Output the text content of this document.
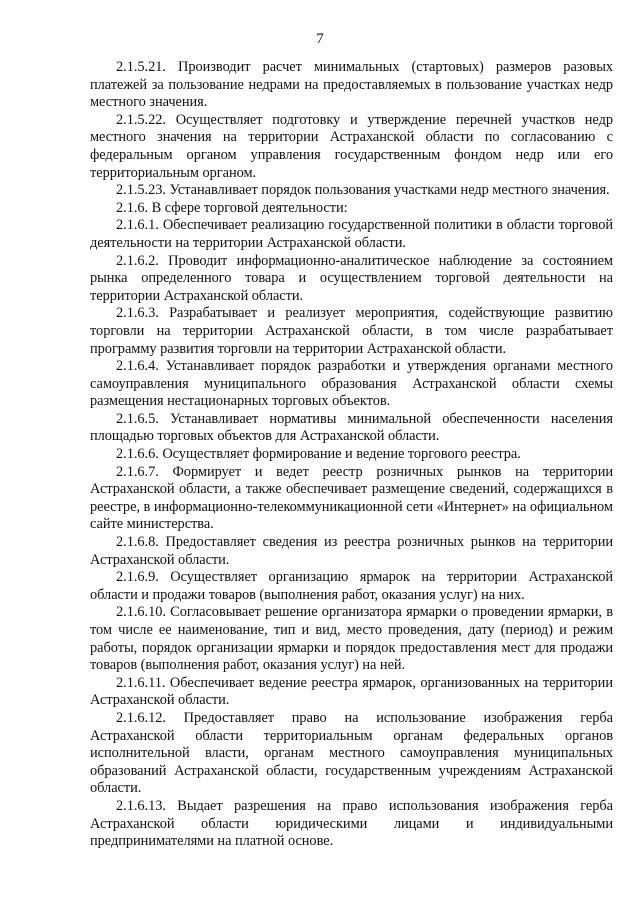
7

2.1.5.21. Производит расчет минимальных (стартовых) размеров разовых платежей за пользование недрами на предоставляемых в пользование участках недр местного значения.

2.1.5.22. Осуществляет подготовку и утверждение перечней участков недр местного значения на территории Астраханской области по согласованию с федеральным органом управления государственным фондом недр или его территориальным органом.

2.1.5.23. Устанавливает порядок пользования участками недр местного значения.

2.1.6. В сфере торговой деятельности:

2.1.6.1. Обеспечивает реализацию государственной политики в области торговой деятельности на территории Астраханской области.

2.1.6.2. Проводит информационно-аналитическое наблюдение за состоянием рынка определенного товара и осуществлением торговой деятельности на территории Астраханской области.

2.1.6.3. Разрабатывает и реализует мероприятия, содействующие развитию торговли на территории Астраханской области, в том числе разрабатывает программу развития торговли на территории Астраханской области.

2.1.6.4. Устанавливает порядок разработки и утверждения органами местного самоуправления муниципального образования Астраханской области схемы размещения нестационарных торговых объектов.

2.1.6.5. Устанавливает нормативы минимальной обеспеченности населения площадью торговых объектов для Астраханской области.

2.1.6.6. Осуществляет формирование и ведение торгового реестра.

2.1.6.7. Формирует и ведет реестр розничных рынков на территории Астраханской области, а также обеспечивает размещение сведений, содержащихся в реестре, в информационно-телекоммуникационной сети «Интернет» на официальном сайте министерства.

2.1.6.8. Предоставляет сведения из реестра розничных рынков на территории Астраханской области.

2.1.6.9. Осуществляет организацию ярмарок на территории Астраханской области и продажи товаров (выполнения работ, оказания услуг) на них.

2.1.6.10. Согласовывает решение организатора ярмарки о проведении ярмарки, в том числе ее наименование, тип и вид, место проведения, дату (период) и режим работы, порядок организации ярмарки и порядок предоставления мест для продажи товаров (выполнения работ, оказания услуг) на ней.

2.1.6.11. Обеспечивает ведение реестра ярмарок, организованных на территории Астраханской области.

2.1.6.12. Предоставляет право на использование изображения герба Астраханской области территориальным органам федеральных органов исполнительной власти, органам местного самоуправления муниципальных образований Астраханской области, государственным учреждениям Астраханской области.

2.1.6.13. Выдает разрешения на право использования изображения герба Астраханской области юридическими лицами и индивидуальными предпринимателями на платной основе.
